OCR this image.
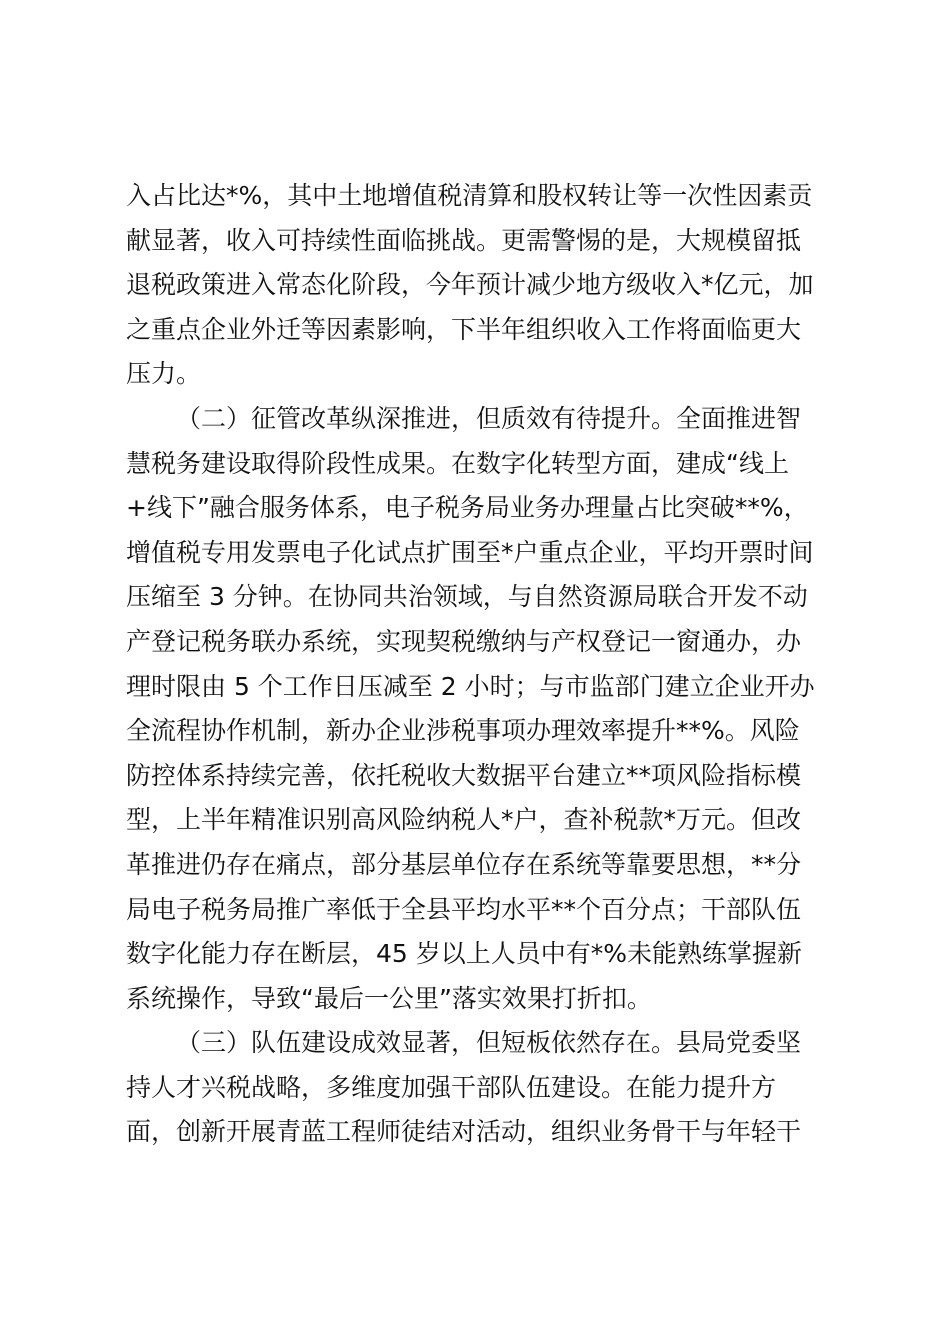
入占比达*%，其中土地增值税清算和股权转让等一次性因素贡
献显著，收入可持续性面临挑战。更需警惕的是，大规模留抵
退税政策进入常态化阶段，今年预计减少地方级收入*亿元，加
之重点企业外迁等因素影响，下半年组织收入工作将面临更大
压力。
（二）征管改革纵深推进，但质效有待提升。全面推进智
慧税务建设取得阶段性成果。在数字化转型方面，建成“线上
+线下”融合服务体系，电子税务局业务办理量占比突破**%，
增值税专用发票电子化试点扩围至*户重点企业，平均开票时间
压缩至 3 分钟。在协同共治领域，与自然资源局联合开发不动
产登记税务联办系统，实现契税缴纳与产权登记一窗通办，办
理时限由 5 个工作日压减至 2 小时；与市监部门建立企业开办
全流程协作机制，新办企业涉税事项办理效率提升**%。风险
防控体系持续完善，依托税收大数据平台建立**项风险指标模
型，上半年精准识别高风险纳税人*户，查补税款*万元。但改
革推进仍存在痛点，部分基层单位存在系统等靠要思想，**分
局电子税务局推广率低于全县平均水平**个百分点；干部队伍
数字化能力存在断层，45 岁以上人员中有*%未能熟练掌握新
系统操作，导致“最后一公里”落实效果打折扣。
（三）队伍建设成效显著，但短板依然存在。县局党委坚
持人才兴税战略，多维度加强干部队伍建设。在能力提升方
面，创新开展青蓝工程师徒结对活动，组织业务骨干与年轻干
